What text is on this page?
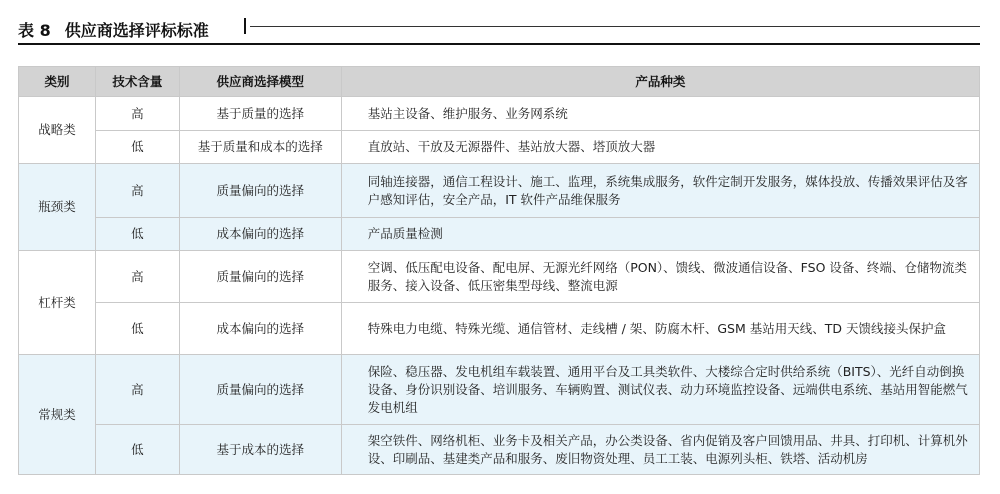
表 8 供应商选择评标标准
类别	技术含量	供应商选择模型	产品种类
战略类	高	基于质量的选择	基站主设备、维护服务、业务网系统
	低	基于质量和成本的选择	直放站、干放及无源器件、基站放大器、塔顶放大器
瓶颈类	高	质量偏向的选择	同轴连接器，通信工程设计、施工、监理，系统集成服务，软件定制开发服务，媒体投放、传播效果评估及客户感知评估，安全产品，IT 软件产品维保服务
	低	成本偏向的选择	产品质量检测
杠杆类	高	质量偏向的选择	空调、低压配电设备、配电屏、无源光纤网络（PON）、馈线、微波通信设备、FSO 设备、终端、仓储物流类服务、接入设备、低压密集型母线、整流电源
	低	成本偏向的选择	特殊电力电缆、特殊光缆、通信管材、走线槽 / 架、防腐木杆、GSM 基站用天线、TD 天馈线接头保护盒
常规类	高	质量偏向的选择	保险、稳压器、发电机组车载装置、通用平台及工具类软件、大楼综合定时供给系统（BITS）、光纤自动倒换设备、身份识别设备、培训服务、车辆购置、测试仪表、动力环境监控设备、远端供电系统、基站用智能燃气发电机组
	低	基于成本的选择	架空铁件、网络机柜、业务卡及相关产品，办公类设备、省内促销及客户回馈用品、井具、打印机、计算机外设、印刷品、基建类产品和服务、废旧物资处理、员工工装、电源列头柜、铁塔、活动机房
